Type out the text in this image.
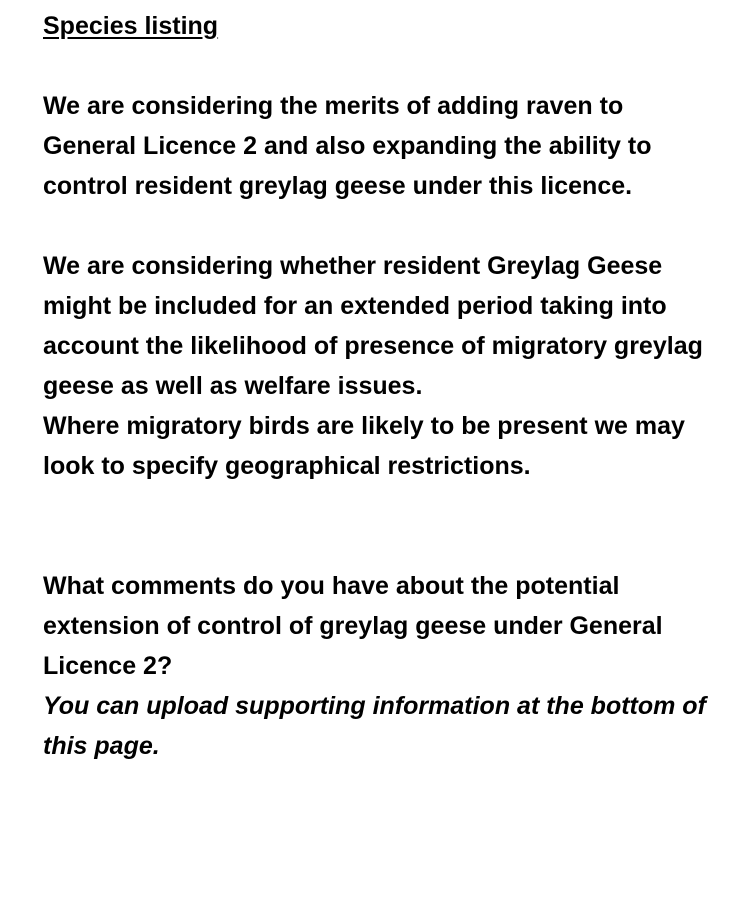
Species listing

We are considering the merits of adding raven to General Licence 2 and also expanding the ability to control resident greylag geese under this licence.

We are considering whether resident Greylag Geese might be included for an extended period taking into account the likelihood of presence of migratory greylag geese as well as welfare issues.

Where migratory birds are likely to be present we may look to specify geographical restrictions.

What comments do you have about the potential extension of control of greylag geese under General Licence 2?

You can upload supporting information at the bottom of this page.
